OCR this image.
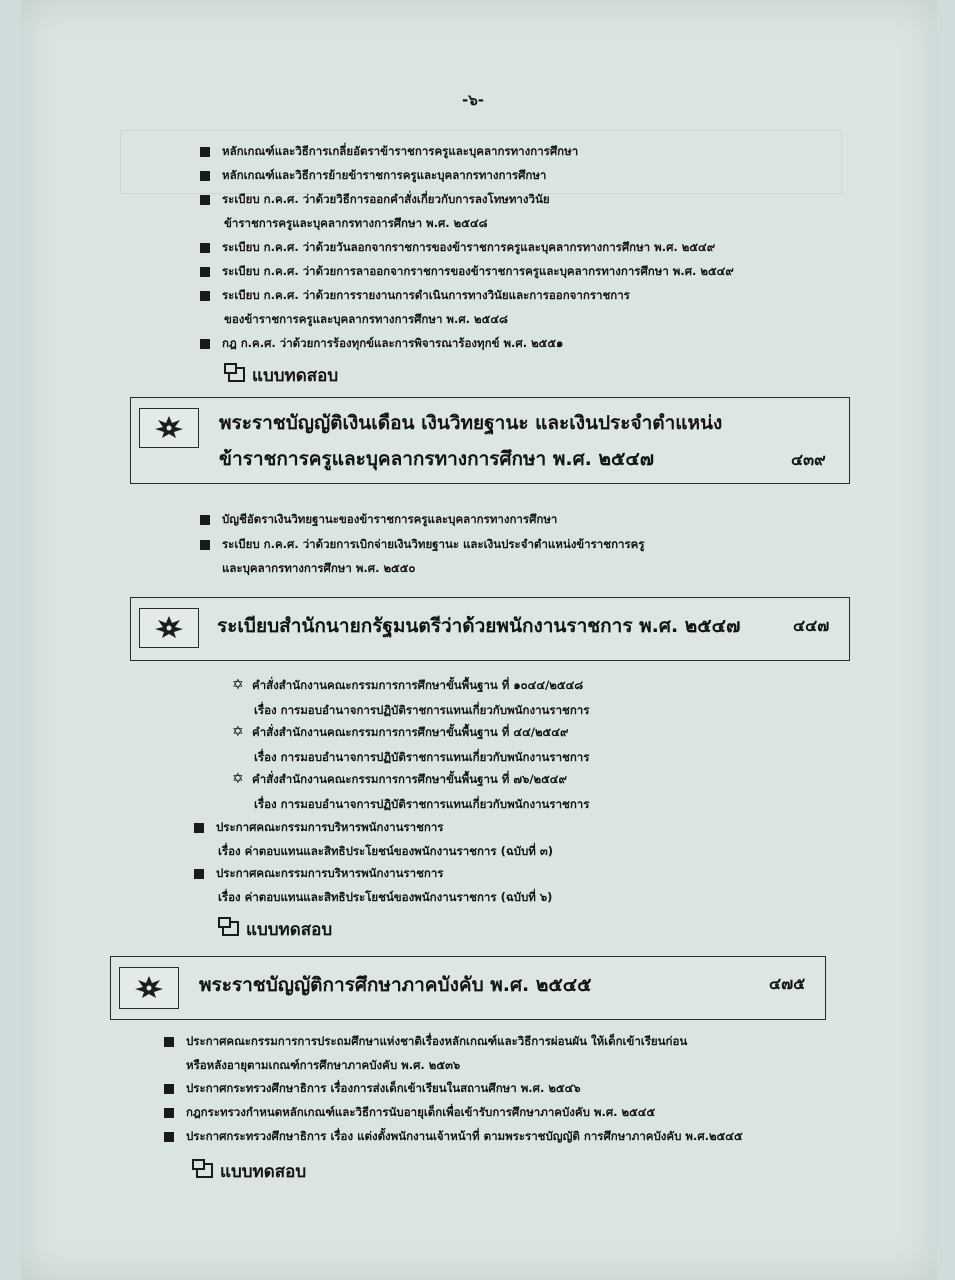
-๖-
หลักเกณฑ์และวิธีการเกลี่ยอัตราข้าราชการครูและบุคลากรทางการศึกษา
หลักเกณฑ์และวิธีการย้ายข้าราชการครูและบุคลากรทางการศึกษา
ระเบียบ ก.ค.ศ. ว่าด้วยวิธีการออกคำสั่งเกี่ยวกับการลงโทษทางวินัย
ข้าราชการครูและบุคลากรทางการศึกษา พ.ศ. ๒๕๔๘
ระเบียบ ก.ค.ศ. ว่าด้วยวันลอกจากราชการของข้าราชการครูและบุคลากรทางการศึกษา พ.ศ. ๒๕๔๙
ระเบียบ ก.ค.ศ. ว่าด้วยการลาออกจากราชการของข้าราชการครูและบุคลากรทางการศึกษา พ.ศ. ๒๕๔๙
ระเบียบ ก.ค.ศ. ว่าด้วยการรายงานการดำเนินการทางวินัยและการออกจากราชการ
ของข้าราชการครูและบุคลากรทางการศึกษา พ.ศ. ๒๕๔๘
กฎ ก.ค.ศ. ว่าด้วยการร้องทุกข์และการพิจารณาร้องทุกข์ พ.ศ. ๒๕๕๑
แบบทดสอบ
พระราชบัญญัติเงินเดือน เงินวิทยฐานะ และเงินประจำตำแหน่ง
ข้าราชการครูและบุคลากรทางการศึกษา พ.ศ. ๒๕๔๗	๔๓๙
บัญชีอัตราเงินวิทยฐานะของข้าราชการครูและบุคลากรทางการศึกษา
ระเบียบ ก.ค.ศ. ว่าด้วยการเบิกจ่ายเงินวิทยฐานะ และเงินประจำตำแหน่งข้าราชการครู
และบุคลากรทางการศึกษา พ.ศ. ๒๕๕๐
ระเบียบสำนักนายกรัฐมนตรีว่าด้วยพนักงานราชการ พ.ศ. ๒๕๔๗	๔๔๗
✡ คำสั่งสำนักงานคณะกรรมการการศึกษาขั้นพื้นฐาน ที่ ๑๐๔๔/๒๕๔๘
เรื่อง การมอบอำนาจการปฏิบัติราชการแทนเกี่ยวกับพนักงานราชการ
✡ คำสั่งสำนักงานคณะกรรมการการศึกษาขั้นพื้นฐาน ที่ ๔๔/๒๕๔๙
เรื่อง การมอบอำนาจการปฏิบัติราชการแทนเกี่ยวกับพนักงานราชการ
✡ คำสั่งสำนักงานคณะกรรมการการศึกษาขั้นพื้นฐาน ที่ ๗๖/๒๕๔๙
เรื่อง การมอบอำนาจการปฏิบัติราชการแทนเกี่ยวกับพนักงานราชการ
ประกาศคณะกรรมการบริหารพนักงานราชการ
เรื่อง ค่าตอบแทนและสิทธิประโยชน์ของพนักงานราชการ (ฉบับที่ ๓)
ประกาศคณะกรรมการบริหารพนักงานราชการ
เรื่อง ค่าตอบแทนและสิทธิประโยชน์ของพนักงานราชการ (ฉบับที่ ๖)
แบบทดสอบ
พระราชบัญญัติการศึกษาภาคบังคับ พ.ศ. ๒๕๔๕	๔๗๕
ประกาศคณะกรรมการการประถมศึกษาแห่งชาติเรื่องหลักเกณฑ์และวิธีการผ่อนผัน ให้เด็กเข้าเรียนก่อน
หรือหลังอายุตามเกณฑ์การศึกษาภาคบังคับ พ.ศ. ๒๕๓๖
ประกาศกระทรวงศึกษาธิการ เรื่องการส่งเด็กเข้าเรียนในสถานศึกษา พ.ศ. ๒๕๔๖
กฎกระทรวงกำหนดหลักเกณฑ์และวิธีการนับอายุเด็กเพื่อเข้ารับการศึกษาภาคบังคับ พ.ศ. ๒๕๔๕
ประกาศกระทรวงศึกษาธิการ เรื่อง แต่งตั้งพนักงานเจ้าหน้าที่ ตามพระราชบัญญัติ การศึกษาภาคบังคับ พ.ศ.๒๕๔๕
แบบทดสอบ
